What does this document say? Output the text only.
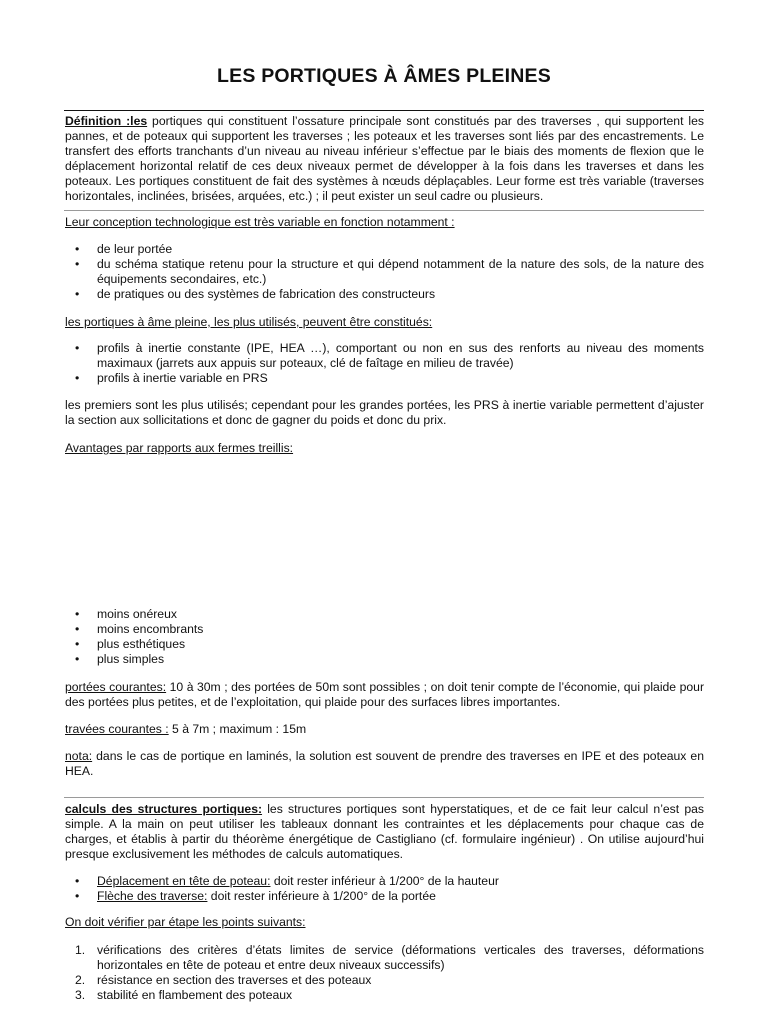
LES PORTIQUES À ÂMES PLEINES

Définition :les portiques qui constituent l’ossature principale sont constitués par des traverses , qui supportent les pannes, et de poteaux qui supportent les traverses ; les poteaux et les traverses sont liés par des encastrements. Le transfert des efforts tranchants d’un niveau au niveau inférieur s’effectue par le biais des moments de flexion que le déplacement horizontal relatif de ces deux niveaux permet de développer à la fois dans les traverses et dans les poteaux. Les portiques constituent de fait des systèmes à nœuds déplaçables. Leur forme est très variable (traverses horizontales, inclinées, brisées, arquées, etc.) ; il peut exister un seul cadre ou plusieurs.

Leur conception technologique est très variable en fonction notamment :

• de leur portée
• du schéma statique retenu pour la structure et qui dépend notamment de la nature des sols, de la nature des équipements secondaires, etc.)
• de pratiques ou des systèmes de fabrication des constructeurs

les portiques à âme pleine, les plus utilisés, peuvent être constitués:

• profils à inertie constante (IPE, HEA …), comportant ou non en sus des renforts au niveau des moments maximaux (jarrets aux appuis sur poteaux, clé de faîtage en milieu de travée)
• profils à inertie variable en PRS

les premiers sont les plus utilisés; cependant pour les grandes portées, les PRS à inertie variable permettent d’ajuster la section aux sollicitations et donc de gagner du poids et donc du prix.

Avantages par rapports aux fermes treillis:

• moins onéreux
• moins encombrants
• plus esthétiques
• plus simples

portées courantes: 10 à 30m ; des portées de 50m sont possibles ; on doit tenir compte de l’économie, qui plaide pour des portées plus petites, et de l’exploitation, qui plaide pour des surfaces libres importantes.

travées courantes : 5 à 7m ; maximum : 15m

nota: dans le cas de portique en laminés, la solution est souvent de prendre des traverses en IPE et des poteaux en HEA.

calculs des structures portiques: les structures portiques sont hyperstatiques, et de ce fait leur calcul n’est pas simple. A la main on peut utiliser les tableaux donnant les contraintes et les déplacements pour chaque cas de charges, et établis à partir du théorème énergétique de Castigliano (cf. formulaire ingénieur) . On utilise aujourd’hui presque exclusivement les méthodes de calculs automatiques.

• Déplacement en tête de poteau: doit rester inférieur à 1/200° de la hauteur
• Flèche des traverse: doit rester inférieure à 1/200° de la portée

On doit vérifier par étape les points suivants:

1. vérifications des critères d’états limites de service (déformations verticales des traverses, déformations horizontales en tête de poteau et entre deux niveaux successifs)
2. résistance en section des traverses et des poteaux
3. stabilité en flambement des poteaux
